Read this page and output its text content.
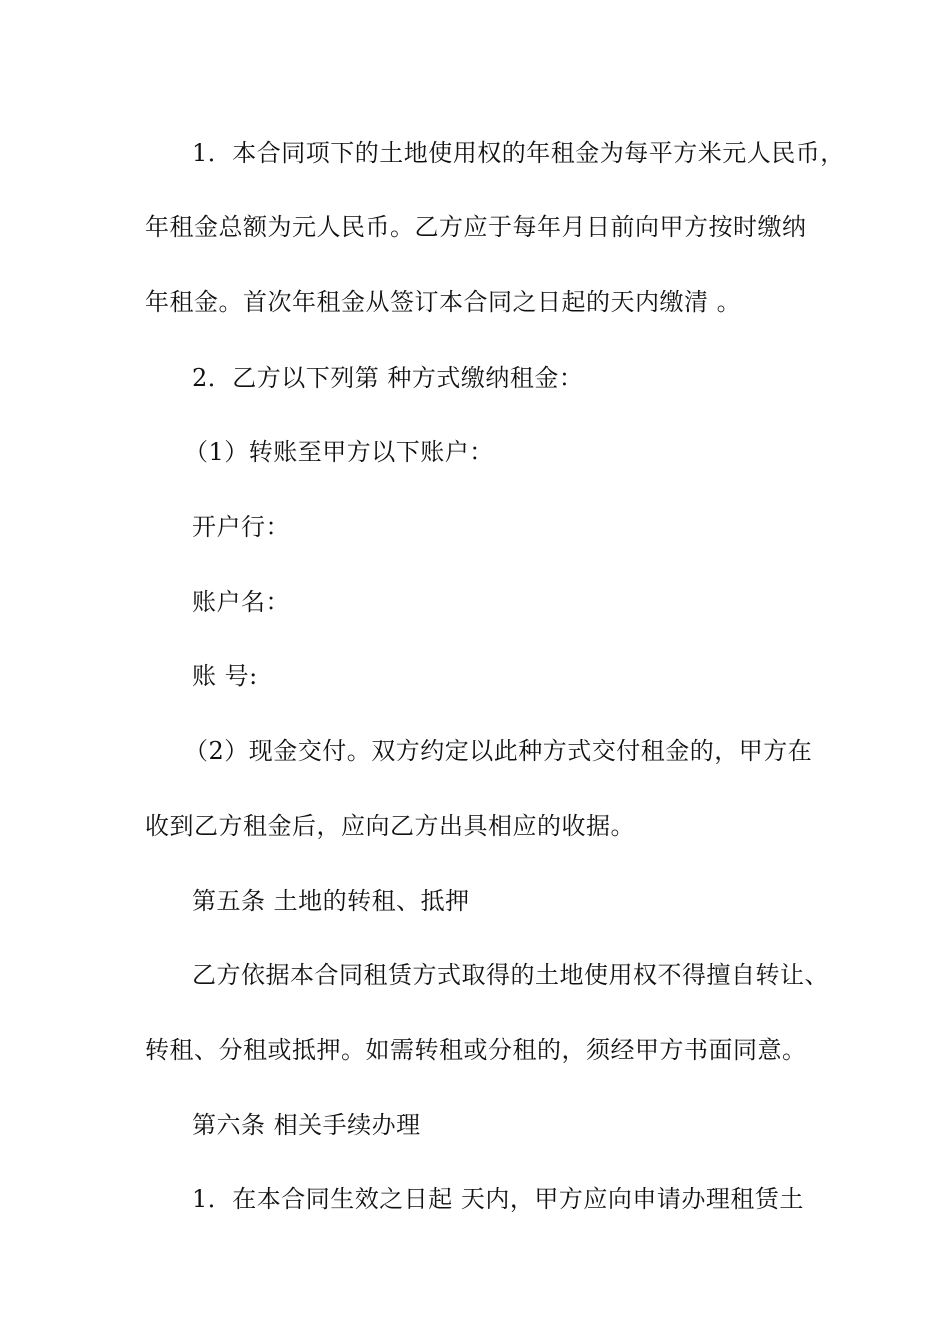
1．本合同项下的土地使用权的年租金为每平方米元人民币，
年租金总额为元人民币。乙方应于每年月日前向甲方按时缴纳
年租金。首次年租金从签订本合同之日起的天内缴清 。
2．乙方以下列第 种方式缴纳租金：
（1）转账至甲方以下账户：
开户行：
账户名：
账 号:
（2）现金交付。双方约定以此种方式交付租金的，甲方在
收到乙方租金后，应向乙方出具相应的收据。
第五条 土地的转租、抵押
乙方依据本合同租赁方式取得的土地使用权不得擅自转让、
转租、分租或抵押。如需转租或分租的，须经甲方书面同意。
第六条 相关手续办理
1．在本合同生效之日起 天内，甲方应向申请办理租赁土
